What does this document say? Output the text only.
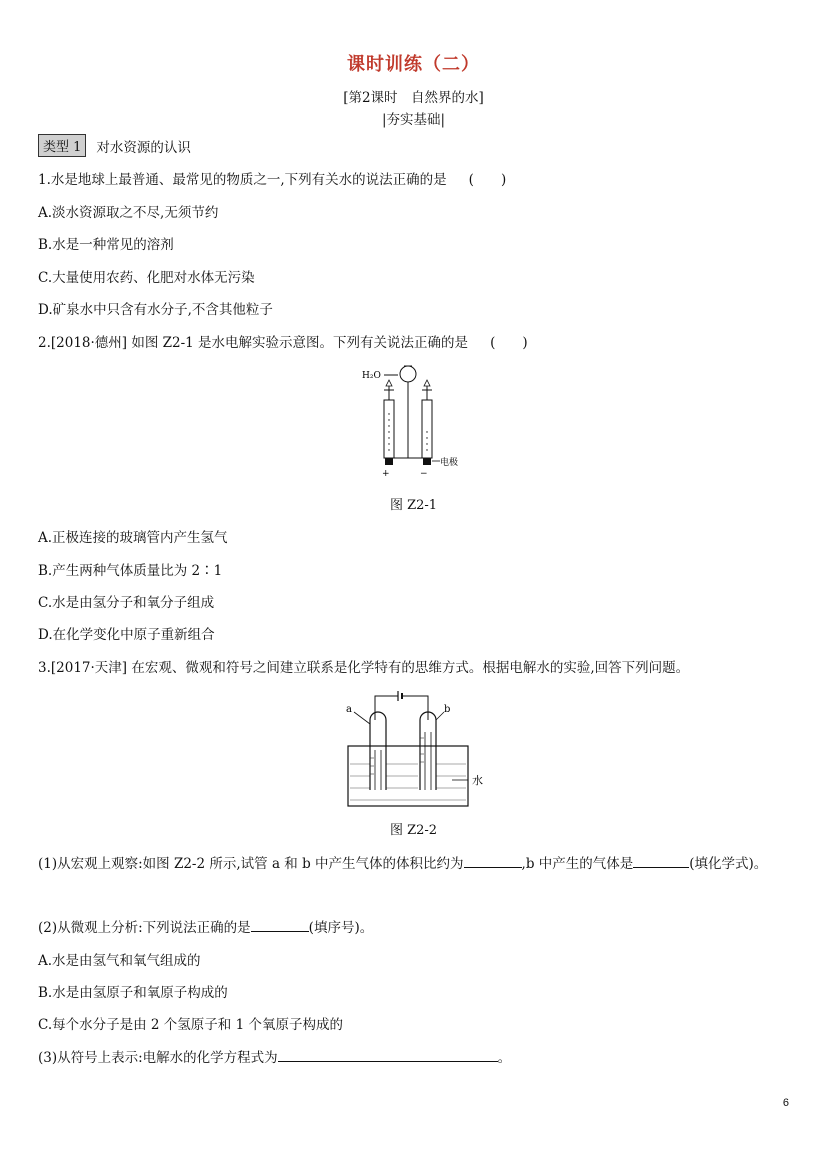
课时训练（二）
[第2课时　自然界的水]
|夯实基础|
类型 1	对水资源的认识
1.水是地球上最普通、最常见的物质之一,下列有关水的说法正确的是 (　　)
A.淡水资源取之不尽,无须节约
B.水是一种常见的溶剂
C.大量使用农药、化肥对水体无污染
D.矿泉水中只含有水分子,不含其他粒子
2.[2018·德州] 如图 Z2-1 是水电解实验示意图。下列有关说法正确的是 (　　)
H₂O
+	−
电极
图 Z2-1
A.正极连接的玻璃管内产生氢气
B.产生两种气体质量比为 2∶1
C.水是由氢分子和氧分子组成
D.在化学变化中原子重新组合
3.[2017·天津] 在宏观、微观和符号之间建立联系是化学特有的思维方式。根据电解水的实验,回答下列问题。
a	b
水
图 Z2-2
(1)从宏观上观察:如图 Z2-2 所示,试管 a 和 b 中产生气体的体积比约为	,b 中产生的气体是	(填化学式)。
(2)从微观上分析:下列说法正确的是	(填序号)。
A.水是由氢气和氧气组成的
B.水是由氢原子和氧原子构成的
C.每个水分子是由 2 个氢原子和 1 个氧原子构成的
(3)从符号上表示:电解水的化学方程式为	。
6
